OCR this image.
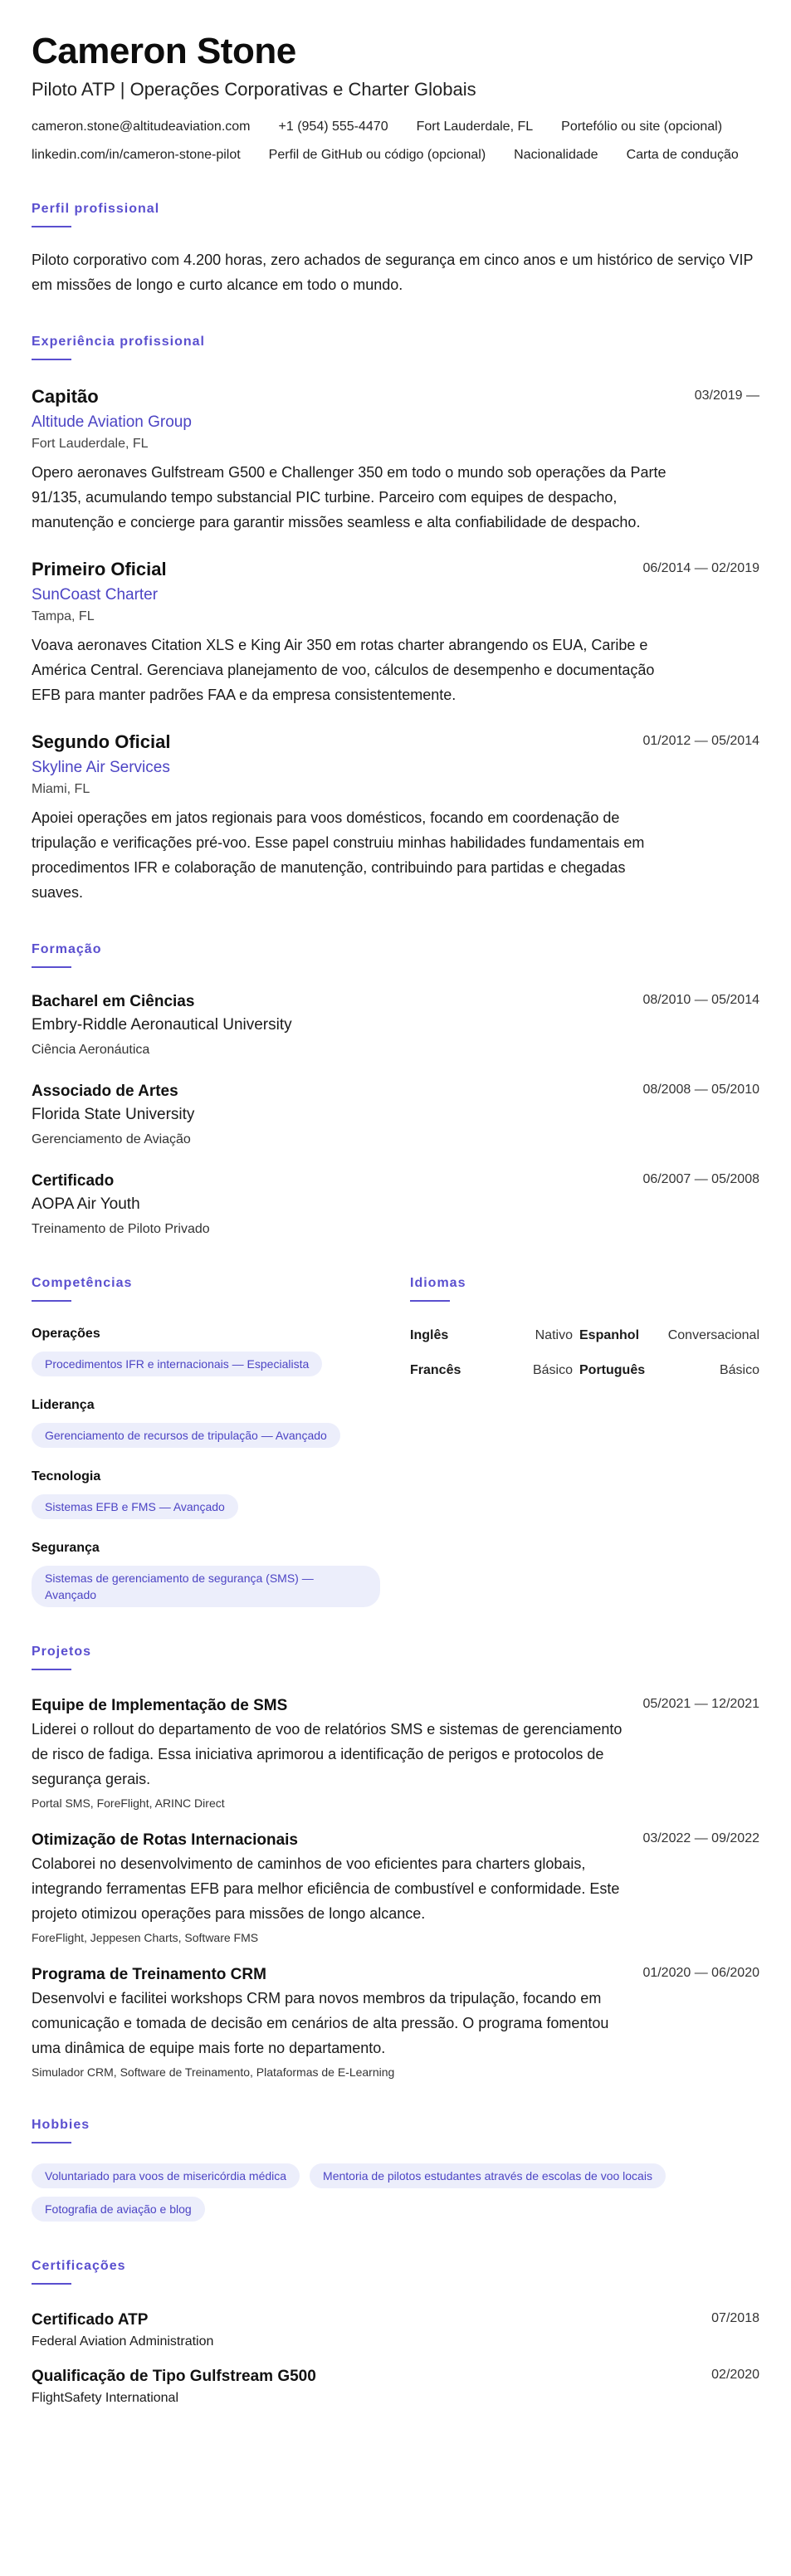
Cameron Stone
Piloto ATP | Operações Corporativas e Charter Globais
cameron.stone@altitudeaviation.com +1 (954) 555-4470 Fort Lauderdale, FL Portefólio ou site (opcional)
linkedin.com/in/cameron-stone-pilot Perfil de GitHub ou código (opcional) Nacionalidade Carta de condução
Perfil profissional

Piloto corporativo com 4.200 horas, zero achados de segurança em cinco anos e um histórico de serviço VIP em missões de longo e curto alcance em todo o mundo.

Experiência profissional
Capitão	03/2019 —
Altitude Aviation Group
Fort Lauderdale, FL

Opero aeronaves Gulfstream G500 e Challenger 350 em todo o mundo sob operações da Parte 91/135, acumulando tempo substancial PIC turbine. Parceiro com equipes de despacho, manutenção e concierge para garantir missões seamless e alta confiabilidade de despacho.

Primeiro Oficial	06/2014 — 02/2019
SunCoast Charter
Tampa, FL

Voava aeronaves Citation XLS e King Air 350 em rotas charter abrangendo os EUA, Caribe e América Central. Gerenciava planejamento de voo, cálculos de desempenho e documentação EFB para manter padrões FAA e da empresa consistentemente.

Segundo Oficial	01/2012 — 05/2014
Skyline Air Services
Miami, FL

Apoiei operações em jatos regionais para voos domésticos, focando em coordenação de tripulação e verificações pré-voo. Esse papel construiu minhas habilidades fundamentais em procedimentos IFR e colaboração de manutenção, contribuindo para partidas e chegadas suaves.

Formação
Bacharel em Ciências	08/2010 — 05/2014
Embry-Riddle Aeronautical University
Ciência Aeronáutica
Associado de Artes	08/2008 — 05/2010
Florida State University
Gerenciamento de Aviação
Certificado	06/2007 — 05/2008
AOPA Air Youth
Treinamento de Piloto Privado
Competências
Operações
Procedimentos IFR e internacionais — Especialista
Liderança
Gerenciamento de recursos de tripulação — Avançado
Tecnologia
Sistemas EFB e FMS — Avançado
Segurança
Sistemas de gerenciamento de segurança (SMS) — Avançado
Idiomas
Inglês	Nativo Espanhol Conversacional
Francês	Básico Português	Básico
Projetos
Equipe de Implementação de SMS	05/2021 — 12/2021

Liderei o rollout do departamento de voo de relatórios SMS e sistemas de gerenciamento de risco de fadiga. Essa iniciativa aprimorou a identificação de perigos e protocolos de segurança gerais.

Portal SMS, ForeFlight, ARINC Direct
Otimização de Rotas Internacionais	03/2022 — 09/2022

Colaborei no desenvolvimento de caminhos de voo eficientes para charters globais, integrando ferramentas EFB para melhor eficiência de combustível e conformidade. Este projeto otimizou operações para missões de longo alcance.

ForeFlight, Jeppesen Charts, Software FMS
Programa de Treinamento CRM	01/2020 — 06/2020

Desenvolvi e facilitei workshops CRM para novos membros da tripulação, focando em comunicação e tomada de decisão em cenários de alta pressão. O programa fomentou uma dinâmica de equipe mais forte no departamento.

Simulador CRM, Software de Treinamento, Plataformas de E-Learning
Hobbies
Voluntariado para voos de misericórdia médica	Mentoria de pilotos estudantes através de escolas de voo locais
Fotografia de aviação e blog
Certificações
Certificado ATP	07/2018
Federal Aviation Administration
Qualificação de Tipo Gulfstream G500	02/2020
FlightSafety International
